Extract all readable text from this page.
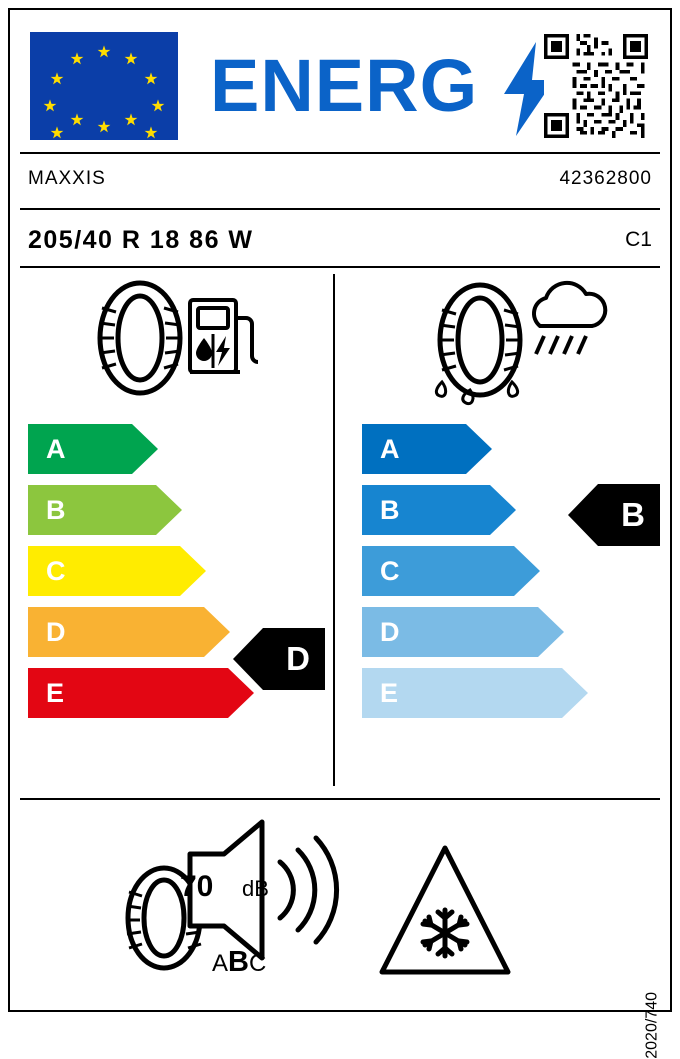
ENERG
MAXXIS	42362800
205/40 R 18 86 W	C1
A
B
C
D
E
A
B
C
D
E
D
B
70 dB
ABC
2020/740
